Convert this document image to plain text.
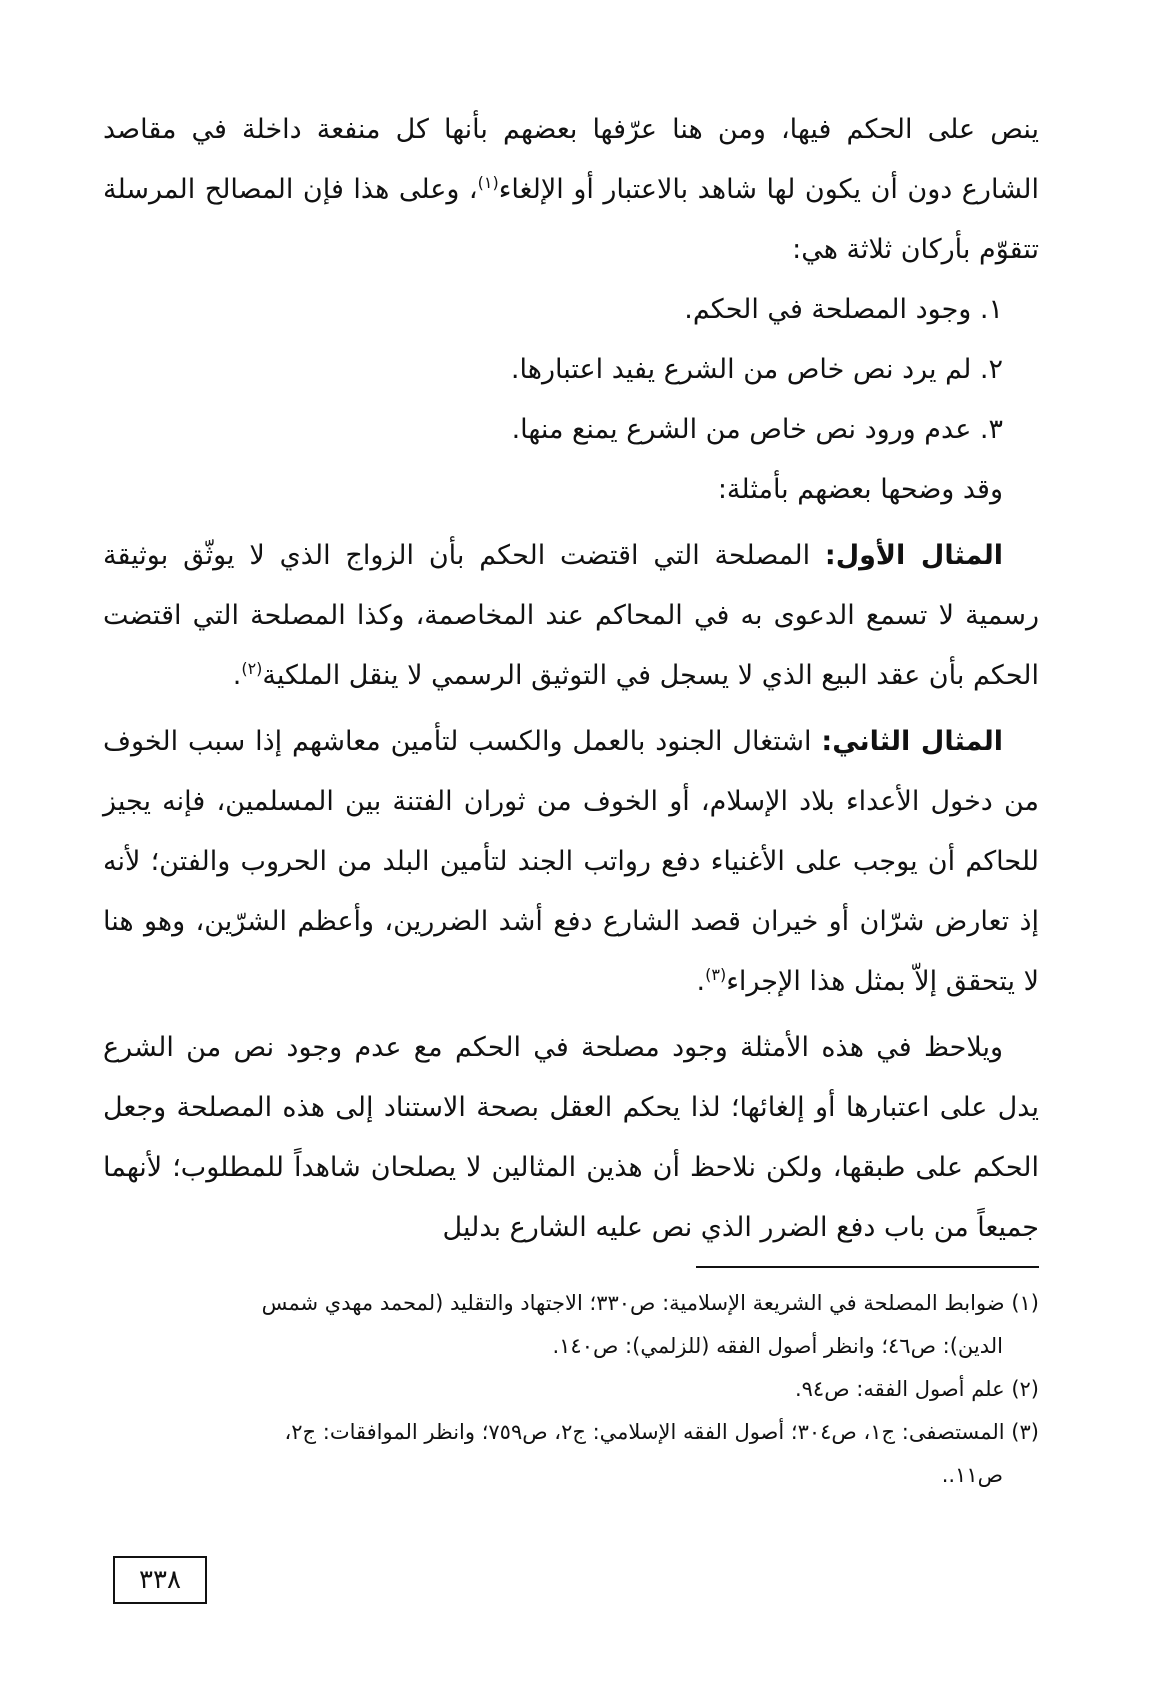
ينص على الحكم فيها، ومن هنا عرّفها بعضهم بأنها كل منفعة داخلة في مقاصد الشارع دون أن يكون لها شاهد بالاعتبار أو الإلغاء$^{(١)}$، وعلى هذا فإن المصالح المرسلة تتقوّم بأركان ثلاثة هي:

١. وجود المصلحة في الحكم.

٢. لم يرد نص خاص من الشرع يفيد اعتبارها.

٣. عدم ورود نص خاص من الشرع يمنع منها.

وقد وضحها بعضهم بأمثلة:

المثال الأول: المصلحة التي اقتضت الحكم بأن الزواج الذي لا يوثّق بوثيقة رسمية لا تسمع الدعوى به في المحاكم عند المخاصمة، وكذا المصلحة التي اقتضت الحكم بأن عقد البيع الذي لا يسجل في التوثيق الرسمي لا ينقل الملكية$^{(٢)}$.

المثال الثاني: اشتغال الجنود بالعمل والكسب لتأمين معاشهم إذا سبب الخوف من دخول الأعداء بلاد الإسلام، أو الخوف من ثوران الفتنة بين المسلمين، فإنه يجيز للحاكم أن يوجب على الأغنياء دفع رواتب الجند لتأمين البلد من الحروب والفتن؛ لأنه إذ تعارض شرّان أو خيران قصد الشارع دفع أشد الضررين، وأعظم الشرّين، وهو هنا لا يتحقق إلاّ بمثل هذا الإجراء$^{(٣)}$.

ويلاحظ في هذه الأمثلة وجود مصلحة في الحكم مع عدم وجود نص من الشرع يدل على اعتبارها أو إلغائها؛ لذا يحكم العقل بصحة الاستناد إلى هذه المصلحة وجعل الحكم على طبقها، ولكن نلاحظ أن هذين المثالين لا يصلحان شاهداً للمطلوب؛ لأنهما جميعاً من باب دفع الضرر الذي نص عليه الشارع بدليل

(١) ضوابط المصلحة في الشريعة الإسلامية: ص٣٣٠؛ الاجتهاد والتقليد (لمحمد مهدي شمس

الدين): ص٤٦؛ وانظر أصول الفقه (للزلمي): ص١٤٠.

(٢) علم أصول الفقه: ص٩٤.

(٣) المستصفى: ج١، ص٣٠٤؛ أصول الفقه الإسلامي: ج٢، ص٧٥٩؛ وانظر الموافقات: ج٢،

ص١١..

٣٣٨
